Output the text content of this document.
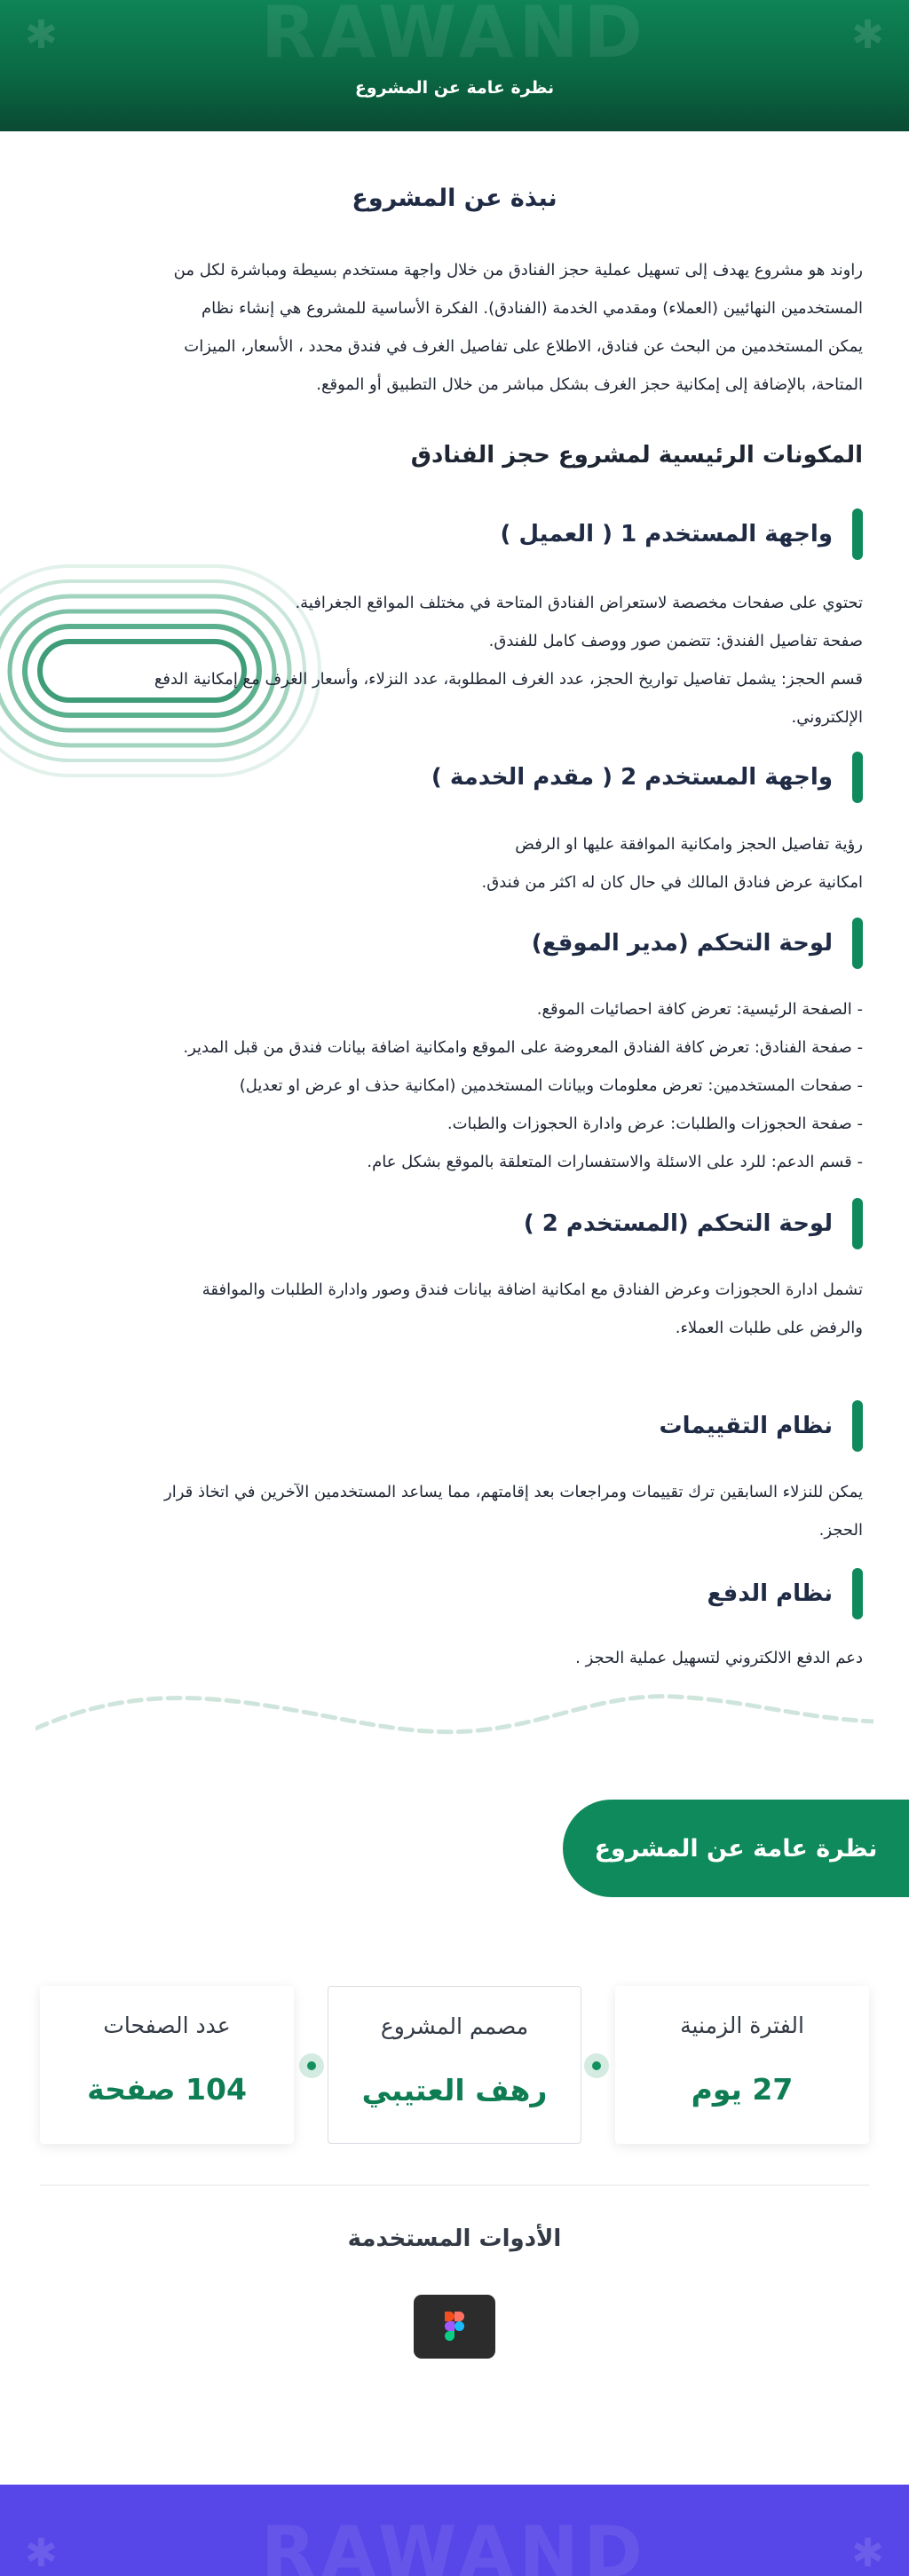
RAWAND
✱	✱
نظرة عامة عن المشروع
نبذة عن المشروع
راوند هو مشروع يهدف إلى تسهيل عملية حجز الفنادق من خلال واجهة مستخدم بسيطة ومباشرة لكل من
المستخدمين النهائيين (العملاء) ومقدمي الخدمة (الفنادق). الفكرة الأساسية للمشروع هي إنشاء نظام
يمكن المستخدمين من البحث عن فنادق، الاطلاع على تفاصيل الغرف في فندق محدد ، الأسعار، الميزات
المتاحة، بالإضافة إلى إمكانية حجز الغرف بشكل مباشر من خلال التطبيق أو الموقع.
المكونات الرئيسية لمشروع حجز الفنادق
واجهة المستخدم 1 ( العميل )
تحتوي على صفحات مخصصة لاستعراض الفنادق المتاحة في مختلف المواقع الجغرافية.
صفحة تفاصيل الفندق: تتضمن صور ووصف كامل للفندق.
قسم الحجز: يشمل تفاصيل تواريخ الحجز، عدد الغرف المطلوبة، عدد النزلاء، وأسعار الغرف مع إمكانية الدفع
الإلكتروني.
واجهة المستخدم 2 ( مقدم الخدمة )
رؤية تفاصيل الحجز وامكانية الموافقة عليها او الرفض
امكانية عرض فنادق المالك في حال كان له اكثر من فندق.
لوحة التحكم (مدير الموقع)
- الصفحة الرئيسية: تعرض كافة احصائيات الموقع.
- صفحة الفنادق: تعرض كافة الفنادق المعروضة على الموقع وامكانية اضافة بيانات فندق من قبل المدير.
- صفحات المستخدمين: تعرض معلومات وبيانات المستخدمين (امكانية حذف او عرض او تعديل)
- صفحة الحجوزات والطلبات: عرض وادارة الحجوزات والطبات.
- قسم الدعم: للرد على الاسئلة والاستفسارات المتعلقة بالموقع بشكل عام.
لوحة التحكم (المستخدم 2 )
تشمل ادارة الحجوزات وعرض الفنادق مع امكانية اضافة بيانات فندق وصور وادارة الطلبات والموافقة
والرفض على طلبات العملاء.
نظام التقييمات
يمكن للنزلاء السابقين ترك تقييمات ومراجعات بعد إقامتهم، مما يساعد المستخدمين الآخرين في اتخاذ قرار
الحجز.
نظام الدفع
دعم الدفع الالكتروني لتسهيل عملية الحجز .
نظرة عامة عن المشروع
الفترة الزمنية
27 يوم
مصمم المشروع
رهف العتيبي
عدد الصفحات
104 صفحة
الأدوات المستخدمة
RAWAND
✱	✱
